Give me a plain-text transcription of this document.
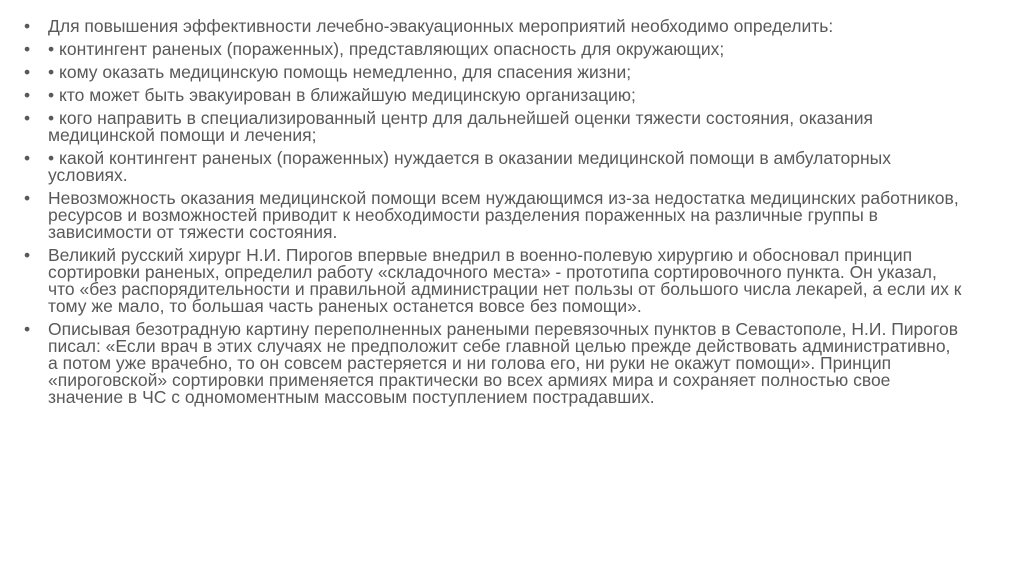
• Для повышения эффективности лечебно-эвакуационных мероприятий необходимо определить:
• • контингент раненых (пораженных), представляющих опасность для окружающих;
• • кому оказать медицинскую помощь немедленно, для спасения жизни;
• • кто может быть эвакуирован в ближайшую медицинскую организацию;
• • кого направить в специализированный центр для дальнейшей оценки тяжести состояния, оказания медицинской помощи и лечения;
• • какой контингент раненых (пораженных) нуждается в оказании медицинской помощи в амбулаторных условиях.
• Невозможность оказания медицинской помощи всем нуждающимся из-за недостатка медицинских работников, ресурсов и возможностей приводит к необходимости разделения пораженных на различные группы в зависимости от тяжести состояния.
• Великий русский хирург Н.И. Пирогов впервые внедрил в военно-полевую хирургию и обосновал принцип сортировки раненых, определил работу «складочного места» - прототипа сортировочного пункта. Он указал, что «без распорядительности и правильной администрации нет пользы от большого числа лекарей, а если их к тому же мало, то большая часть раненых останется вовсе без помощи».
• Описывая безотрадную картину переполненных ранеными перевязочных пунктов в Севастополе, Н.И. Пирогов писал: «Если врач в этих случаях не предположит себе главной целью прежде действовать административно, а потом уже врачебно, то он совсем растеряется и ни голова его, ни руки не окажут помощи». Принцип «пироговской» сортировки применяется практически во всех армиях мира и сохраняет полностью свое значение в ЧС с одномоментным массовым поступлением пострадавших.
